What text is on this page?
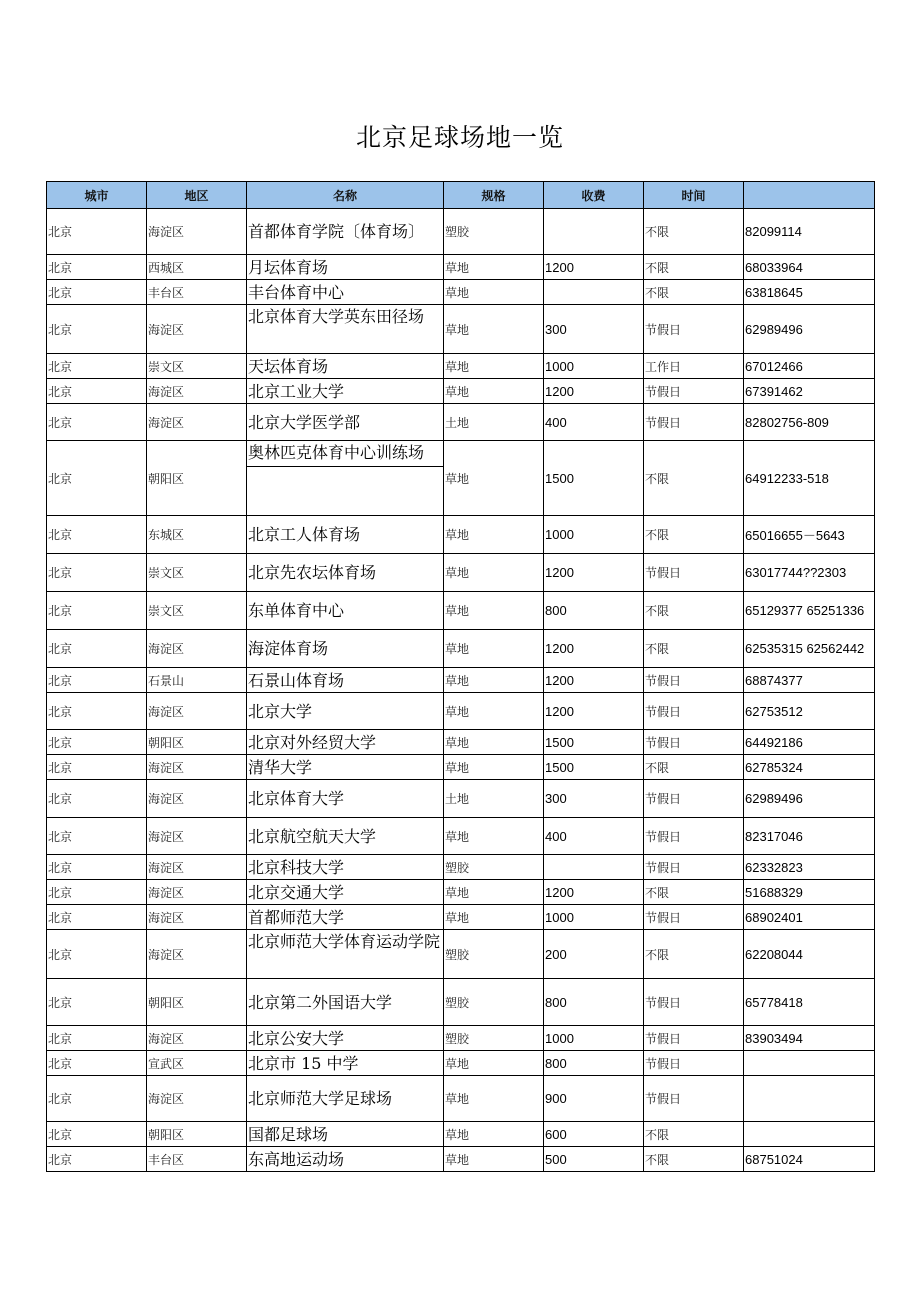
北京足球场地一览
城市	地区	名称	规格	收费	时间	
北京	海淀区	首都体育学院〔体育场〕	塑胶		不限	82099114
北京	西城区	月坛体育场	草地	1200	不限	68033964
北京	丰台区	丰台体育中心	草地		不限	63818645
北京	海淀区	北京体育大学英东田径场	草地	300	节假日	62989496
北京	崇文区	天坛体育场	草地	1000	工作日	67012466
北京	海淀区	北京工业大学	草地	1200	节假日	67391462
北京	海淀区	北京大学医学部	土地	400	节假日	82802756-809
北京	朝阳区	奥林匹克体育中心训练场	草地	1500	不限	64912233-518
北京	东城区	北京工人体育场	草地	1000	不限	65016655－5643
北京	崇文区	北京先农坛体育场	草地	1200	节假日	63017744??2303
北京	崇文区	东单体育中心	草地	800	不限	65129377 65251336
北京	海淀区	海淀体育场	草地	1200	不限	62535315 62562442
北京	石景山	石景山体育场	草地	1200	节假日	68874377
北京	海淀区	北京大学	草地	1200	节假日	62753512
北京	朝阳区	北京对外经贸大学	草地	1500	节假日	64492186
北京	海淀区	清华大学	草地	1500	不限	62785324
北京	海淀区	北京体育大学	土地	300	节假日	62989496
北京	海淀区	北京航空航天大学	草地	400	节假日	82317046
北京	海淀区	北京科技大学	塑胶		节假日	62332823
北京	海淀区	北京交通大学	草地	1200	不限	51688329
北京	海淀区	首都师范大学	草地	1000	节假日	68902401
北京	海淀区	北京师范大学体育运动学院	塑胶	200	不限	62208044
北京	朝阳区	北京第二外国语大学	塑胶	800	节假日	65778418
北京	海淀区	北京公安大学	塑胶	1000	节假日	83903494
北京	宣武区	北京市 15 中学	草地	800	节假日	
北京	海淀区	北京师范大学足球场	草地	900	节假日	
北京	朝阳区	国都足球场	草地	600	不限	
北京	丰台区	东高地运动场	草地	500	不限	68751024
